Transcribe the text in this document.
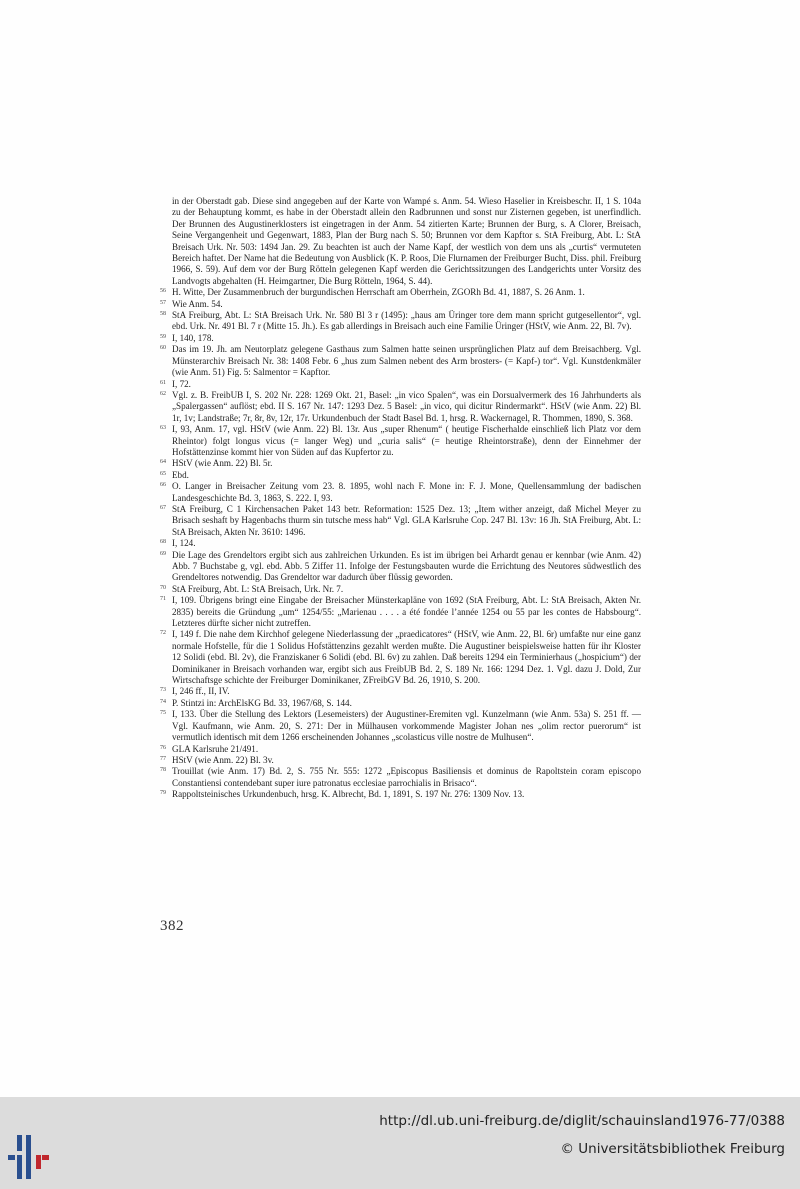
in der Oberstadt gab. Diese sind angegeben auf der Karte von Wampé s. Anm. 54. Wieso Haselier in Kreisbeschr. II, 1 S. 104a zu der Behauptung kommt, es habe in der Oberstadt allein den Radbrunnen und sonst nur Zisternen gegeben, ist unerfindlich. Der Brunnen des Augustinerklosters ist eingetragen in der Anm. 54 zitierten Karte; Brunnen der Burg, s. A Clorer, Breisach, Seine Vergangenheit und Gegenwart, 1883, Plan der Burg nach S. 50; Brunnen vor dem Kapftor s. StA Freiburg, Abt. L: StA Breisach Urk. Nr. 503: 1494 Jan. 29. Zu beachten ist auch der Name Kapf, der westlich von dem uns als „curtis“ vermuteten Bereich haftet. Der Name hat die Bedeutung von Ausblick (K. P. Roos, Die Flurnamen der Freiburger Bucht, Diss. phil. Freiburg 1966, S. 59). Auf dem vor der Burg Rötteln gelegenen Kapf werden die Gerichtssitzungen des Landgerichts unter Vorsitz des Landvogts abgehalten (H. Heimgartner, Die Burg Rötteln, 1964, S. 44).

56 H. Witte, Der Zusammenbruch der burgundischen Herrschaft am Oberrhein, ZGORh Bd. 41, 1887, S. 26 Anm. 1.

57 Wie Anm. 54.

58 StA Freiburg, Abt. L: StA Breisach Urk. Nr. 580 Bl 3 r (1495): „haus am Üringer tore dem mann spricht gutgesellentor“, vgl. ebd. Urk. Nr. 491 Bl. 7 r (Mitte 15. Jh.). Es gab allerdings in Breisach auch eine Familie Üringer (HStV, wie Anm. 22, Bl. 7v).

59 I, 140, 178.

60 Das im 19. Jh. am Neutorplatz gelegene Gasthaus zum Salmen hatte seinen ursprünglichen Platz auf dem Breisachberg. Vgl. Münsterarchiv Breisach Nr. 38: 1408 Febr. 6 „hus zum Salmen nebent des Arm brosters- (= Kapf-) tor“. Vgl. Kunstdenkmäler (wie Anm. 51) Fig. 5: Salmentor = Kapftor.

61 I, 72.

62 Vgl. z. B. FreibUB I, S. 202 Nr. 228: 1269 Okt. 21, Basel: „in vico Spalen“, was ein Dorsualvermerk des 16 Jahrhunderts als „Spalergassen“ auflöst; ebd. II S. 167 Nr. 147: 1293 Dez. 5 Basel: „in vico, qui dicitur Rindermarkt“. HStV (wie Anm. 22) Bl. 1r, 1v; Landstraße; 7r, 8r, 8v, 12r, 17r. Urkundenbuch der Stadt Basel Bd. 1, hrsg. R. Wackernagel, R. Thommen, 1890, S. 368.

63 I, 93, Anm. 17, vgl. HStV (wie Anm. 22) Bl. 13r. Aus „super Rhenum“ ( heutige Fischerhalde einschließ lich Platz vor dem Rheintor) folgt longus vicus (= langer Weg) und „curia salis“ (= heutige Rheintorstraße), denn der Einnehmer der Hofstättenzinse kommt hier von Süden auf das Kupfertor zu.

64 HStV (wie Anm. 22) Bl. 5r.

65 Ebd.

66 O. Langer in Breisacher Zeitung vom 23. 8. 1895, wohl nach F. Mone in: F. J. Mone, Quellensammlung der badischen Landesgeschichte Bd. 3, 1863, S. 222. I, 93.

67 StA Freiburg, C 1 Kirchensachen Paket 143 betr. Reformation: 1525 Dez. 13; „Item wither anzeigt, daß Michel Meyer zu Brisach seshaft by Hagenbachs thurm sin tutsche mess hab“ Vgl. GLA Karlsruhe Cop. 247 Bl. 13v: 16 Jh. StA Freiburg, Abt. L: StA Breisach, Akten Nr. 3610: 1496.

68 I, 124.

69 Die Lage des Grendeltors ergibt sich aus zahlreichen Urkunden. Es ist im übrigen bei Arhardt genau er kennbar (wie Anm. 42) Abb. 7 Buchstabe g, vgl. ebd. Abb. 5 Ziffer 11. Infolge der Festungsbauten wurde die Errichtung des Neutores südwestlich des Grendeltores notwendig. Das Grendeltor war dadurch über flüssig geworden.

70 StA Freiburg, Abt. L: StA Breisach, Urk. Nr. 7.

71 I, 109. Übrigens bringt eine Eingabe der Breisacher Münsterkapläne von 1692 (StA Freiburg, Abt. L: StA Breisach, Akten Nr. 2835) bereits die Gründung „um“ 1254/55: „Marienau . . . . a été fondée l’année 1254 ou 55 par les contes de Habsbourg“. Letzteres dürfte sicher nicht zutreffen.

72 I, 149 f. Die nahe dem Kirchhof gelegene Niederlassung der „praedicatores“ (HStV, wie Anm. 22, Bl. 6r) umfaßte nur eine ganz normale Hofstelle, für die 1 Solidus Hofstättenzins gezahlt werden mußte. Die Augustiner beispielsweise hatten für ihr Kloster 12 Solidi (ebd. Bl. 2v), die Franziskaner 6 Solidi (ebd. Bl. 6v) zu zahlen. Daß bereits 1294 ein Terminierhaus („hospicium“) der Dominikaner in Breisach vorhanden war, ergibt sich aus FreibUB Bd. 2, S. 189 Nr. 166: 1294 Dez. 1. Vgl. dazu J. Dold, Zur Wirtschaftsge schichte der Freiburger Dominikaner, ZFreibGV Bd. 26, 1910, S. 200.

73 I, 246 ff., II, IV.

74 P. Stintzi in: ArchElsKG Bd. 33, 1967/68, S. 144.

75 I, 133. Über die Stellung des Lektors (Lesemeisters) der Augustiner-Eremiten vgl. Kunzelmann (wie Anm. 53a) S. 251 ff. — Vgl. Kaufmann, wie Anm. 20, S. 271: Der in Mülhausen vorkommende Magister Johan nes „olim rector puerorum“ ist vermutlich identisch mit dem 1266 erscheinenden Johannes „scolasticus ville nostre de Mulhusen“.

76 GLA Karlsruhe 21/491.

77 HStV (wie Anm. 22) Bl. 3v.

78 Trouillat (wie Anm. 17) Bd. 2, S. 755 Nr. 555: 1272 „Episcopus Basiliensis et dominus de Rapoltstein coram episcopo Constantiensi contendebant super iure patronatus ecclesiae parrochialis in Brisaco“.

79 Rappoltsteinisches Urkundenbuch, hrsg. K. Albrecht, Bd. 1, 1891, S. 197 Nr. 276: 1309 Nov. 13.

382
http://dl.ub.uni-freiburg.de/diglit/schauinsland1976-77/0388
© Universitätsbibliothek Freiburg
